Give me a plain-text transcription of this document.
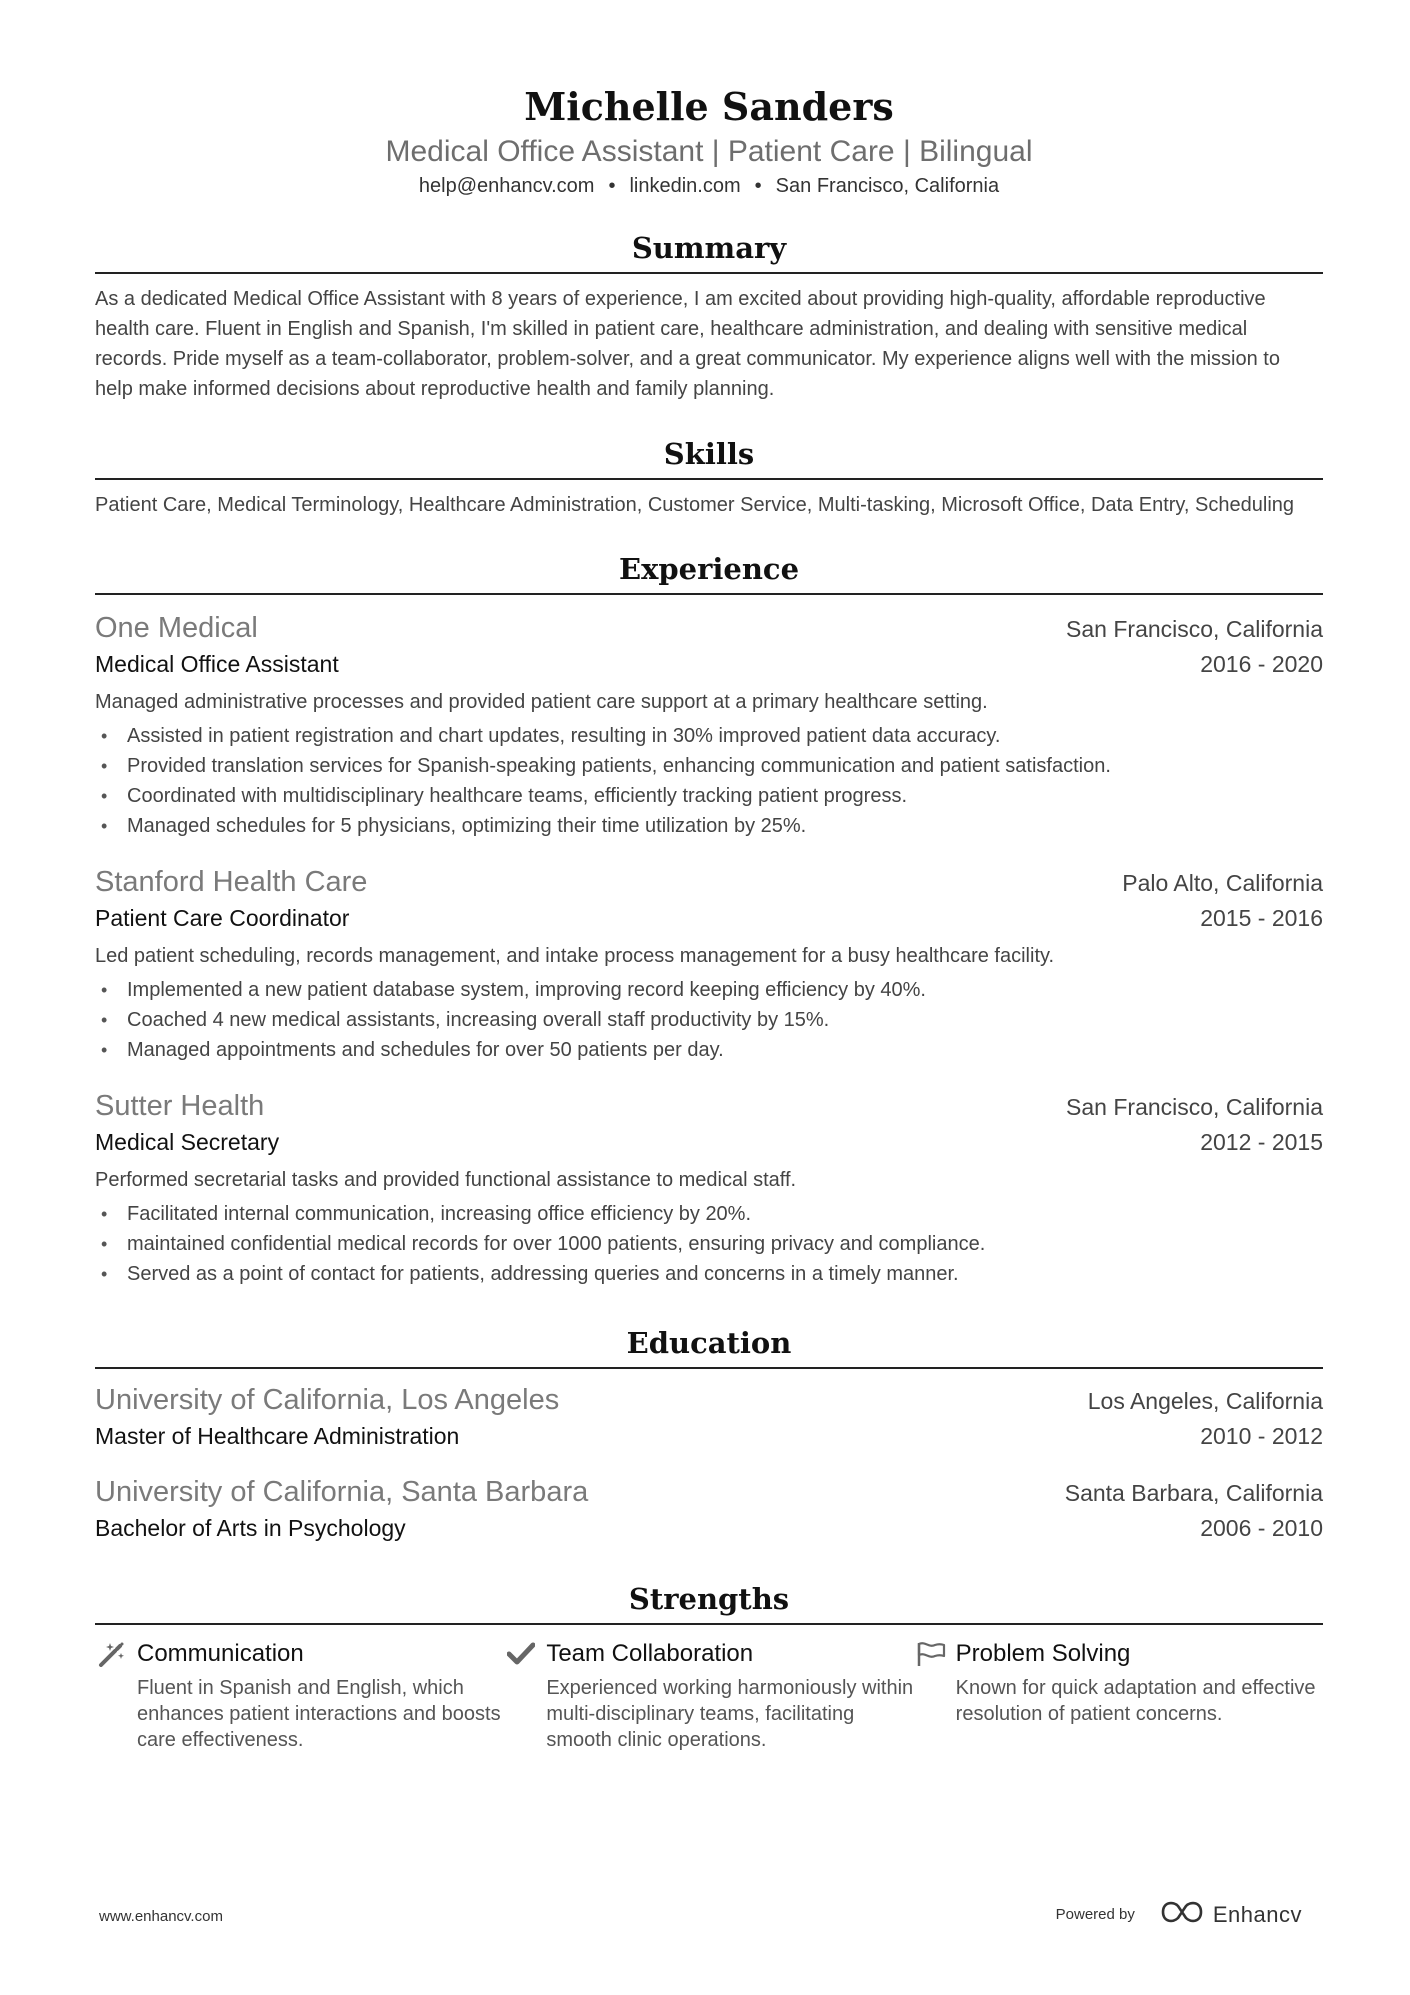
Michelle Sanders
Medical Office Assistant | Patient Care | Bilingual
help@enhancv.com • linkedin.com • San Francisco, California
Summary
As a dedicated Medical Office Assistant with 8 years of experience, I am excited about providing high-quality, affordable reproductive health care. Fluent in English and Spanish, I'm skilled in patient care, healthcare administration, and dealing with sensitive medical records. Pride myself as a team-collaborator, problem-solver, and a great communicator. My experience aligns well with the mission to help make informed decisions about reproductive health and family planning.
Skills
Patient Care, Medical Terminology, Healthcare Administration, Customer Service, Multi-tasking, Microsoft Office, Data Entry, Scheduling
Experience
One Medical	San Francisco, California
Medical Office Assistant	2016 - 2020
Managed administrative processes and provided patient care support at a primary healthcare setting.
• Assisted in patient registration and chart updates, resulting in 30% improved patient data accuracy.
• Provided translation services for Spanish-speaking patients, enhancing communication and patient satisfaction.
• Coordinated with multidisciplinary healthcare teams, efficiently tracking patient progress.
• Managed schedules for 5 physicians, optimizing their time utilization by 25%.
Stanford Health Care	Palo Alto, California
Patient Care Coordinator	2015 - 2016
Led patient scheduling, records management, and intake process management for a busy healthcare facility.
• Implemented a new patient database system, improving record keeping efficiency by 40%.
• Coached 4 new medical assistants, increasing overall staff productivity by 15%.
• Managed appointments and schedules for over 50 patients per day.
Sutter Health	San Francisco, California
Medical Secretary	2012 - 2015
Performed secretarial tasks and provided functional assistance to medical staff.
• Facilitated internal communication, increasing office efficiency by 20%.
• maintained confidential medical records for over 1000 patients, ensuring privacy and compliance.
• Served as a point of contact for patients, addressing queries and concerns in a timely manner.
Education
University of California, Los Angeles	Los Angeles, California
Master of Healthcare Administration	2010 - 2012
University of California, Santa Barbara	Santa Barbara, California
Bachelor of Arts in Psychology	2006 - 2010
Strengths
Communication
Fluent in Spanish and English, which enhances patient interactions and boosts care effectiveness.
Team Collaboration
Experienced working harmoniously within multi-disciplinary teams, facilitating smooth clinic operations.
Problem Solving
Known for quick adaptation and effective resolution of patient concerns.
www.enhancv.com	Powered by	Enhancv
